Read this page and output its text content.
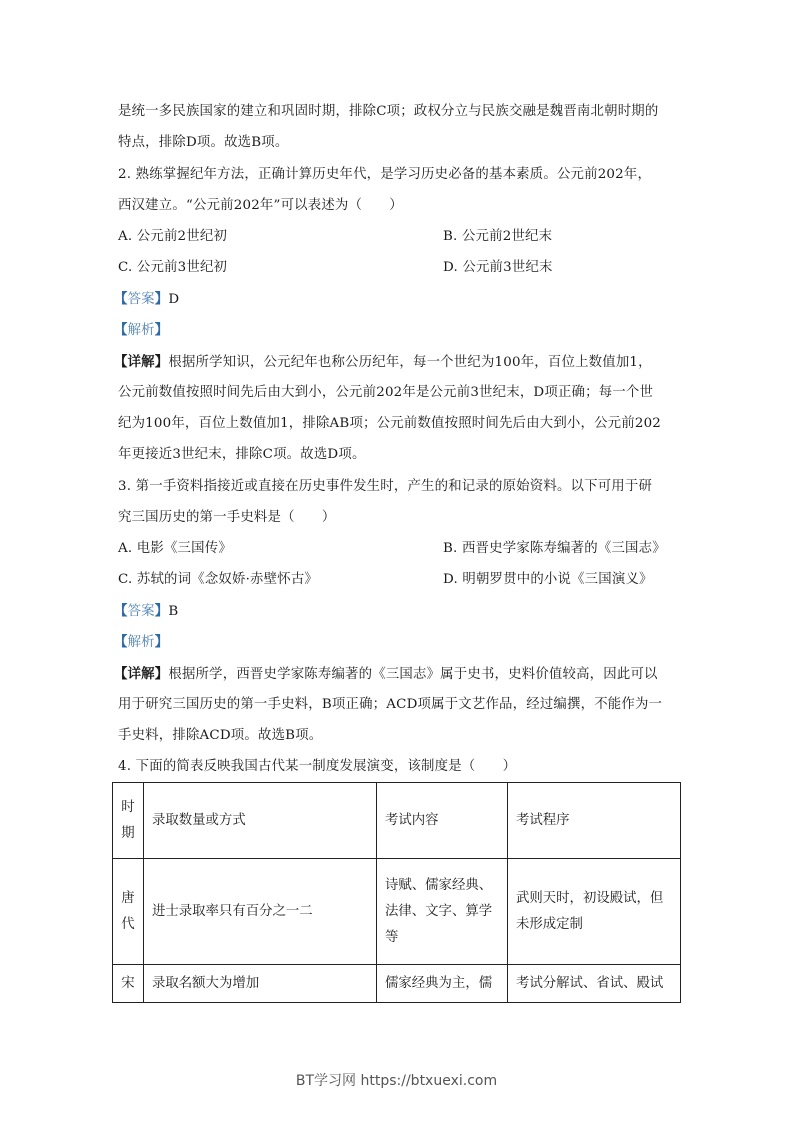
是统一多民族国家的建立和巩固时期，排除C项；政权分立与民族交融是魏晋南北朝时期的
特点，排除D项。故选B项。
2. 熟练掌握纪年方法，正确计算历史年代，是学习历史必备的基本素质。公元前202年，
西汉建立。“公元前202年”可以表述为（　　）
A. 公元前2世纪初	B. 公元前2世纪末
C. 公元前3世纪初	D. 公元前3世纪末
【答案】D
【解析】
【详解】根据所学知识，公元纪年也称公历纪年，每一个世纪为100年，百位上数值加1，
公元前数值按照时间先后由大到小，公元前202年是公元前3世纪末，D项正确；每一个世
纪为100年，百位上数值加1，排除AB项；公元前数值按照时间先后由大到小，公元前202
年更接近3世纪末，排除C项。故选D项。
3. 第一手资料指接近或直接在历史事件发生时，产生的和记录的原始资料。以下可用于研
究三国历史的第一手史料是（　　）
A. 电影《三国传》	B. 西晋史学家陈寿编著的《三国志》
C. 苏轼的词《念奴娇·赤壁怀古》	D. 明朝罗贯中的小说《三国演义》
【答案】B
【解析】
【详解】根据所学，西晋史学家陈寿编著的《三国志》属于史书，史料价值较高，因此可以
用于研究三国历史的第一手史料，B项正确；ACD项属于文艺作品，经过编撰，不能作为一
手史料，排除ACD项。故选B项。
4. 下面的简表反映我国古代某一制度发展演变，该制度是（　　）
时期	录取数量或方式	考试内容	考试程序
唐代	进士录取率只有百分之一二	诗赋、儒家经典、法律、文字、算学等	武则天时，初设殿试，但未形成定制
宋	录取名额大为增加	儒家经典为主，儒	考试分解试、省试、殿试
BT学习网 https://btxuexi.com
